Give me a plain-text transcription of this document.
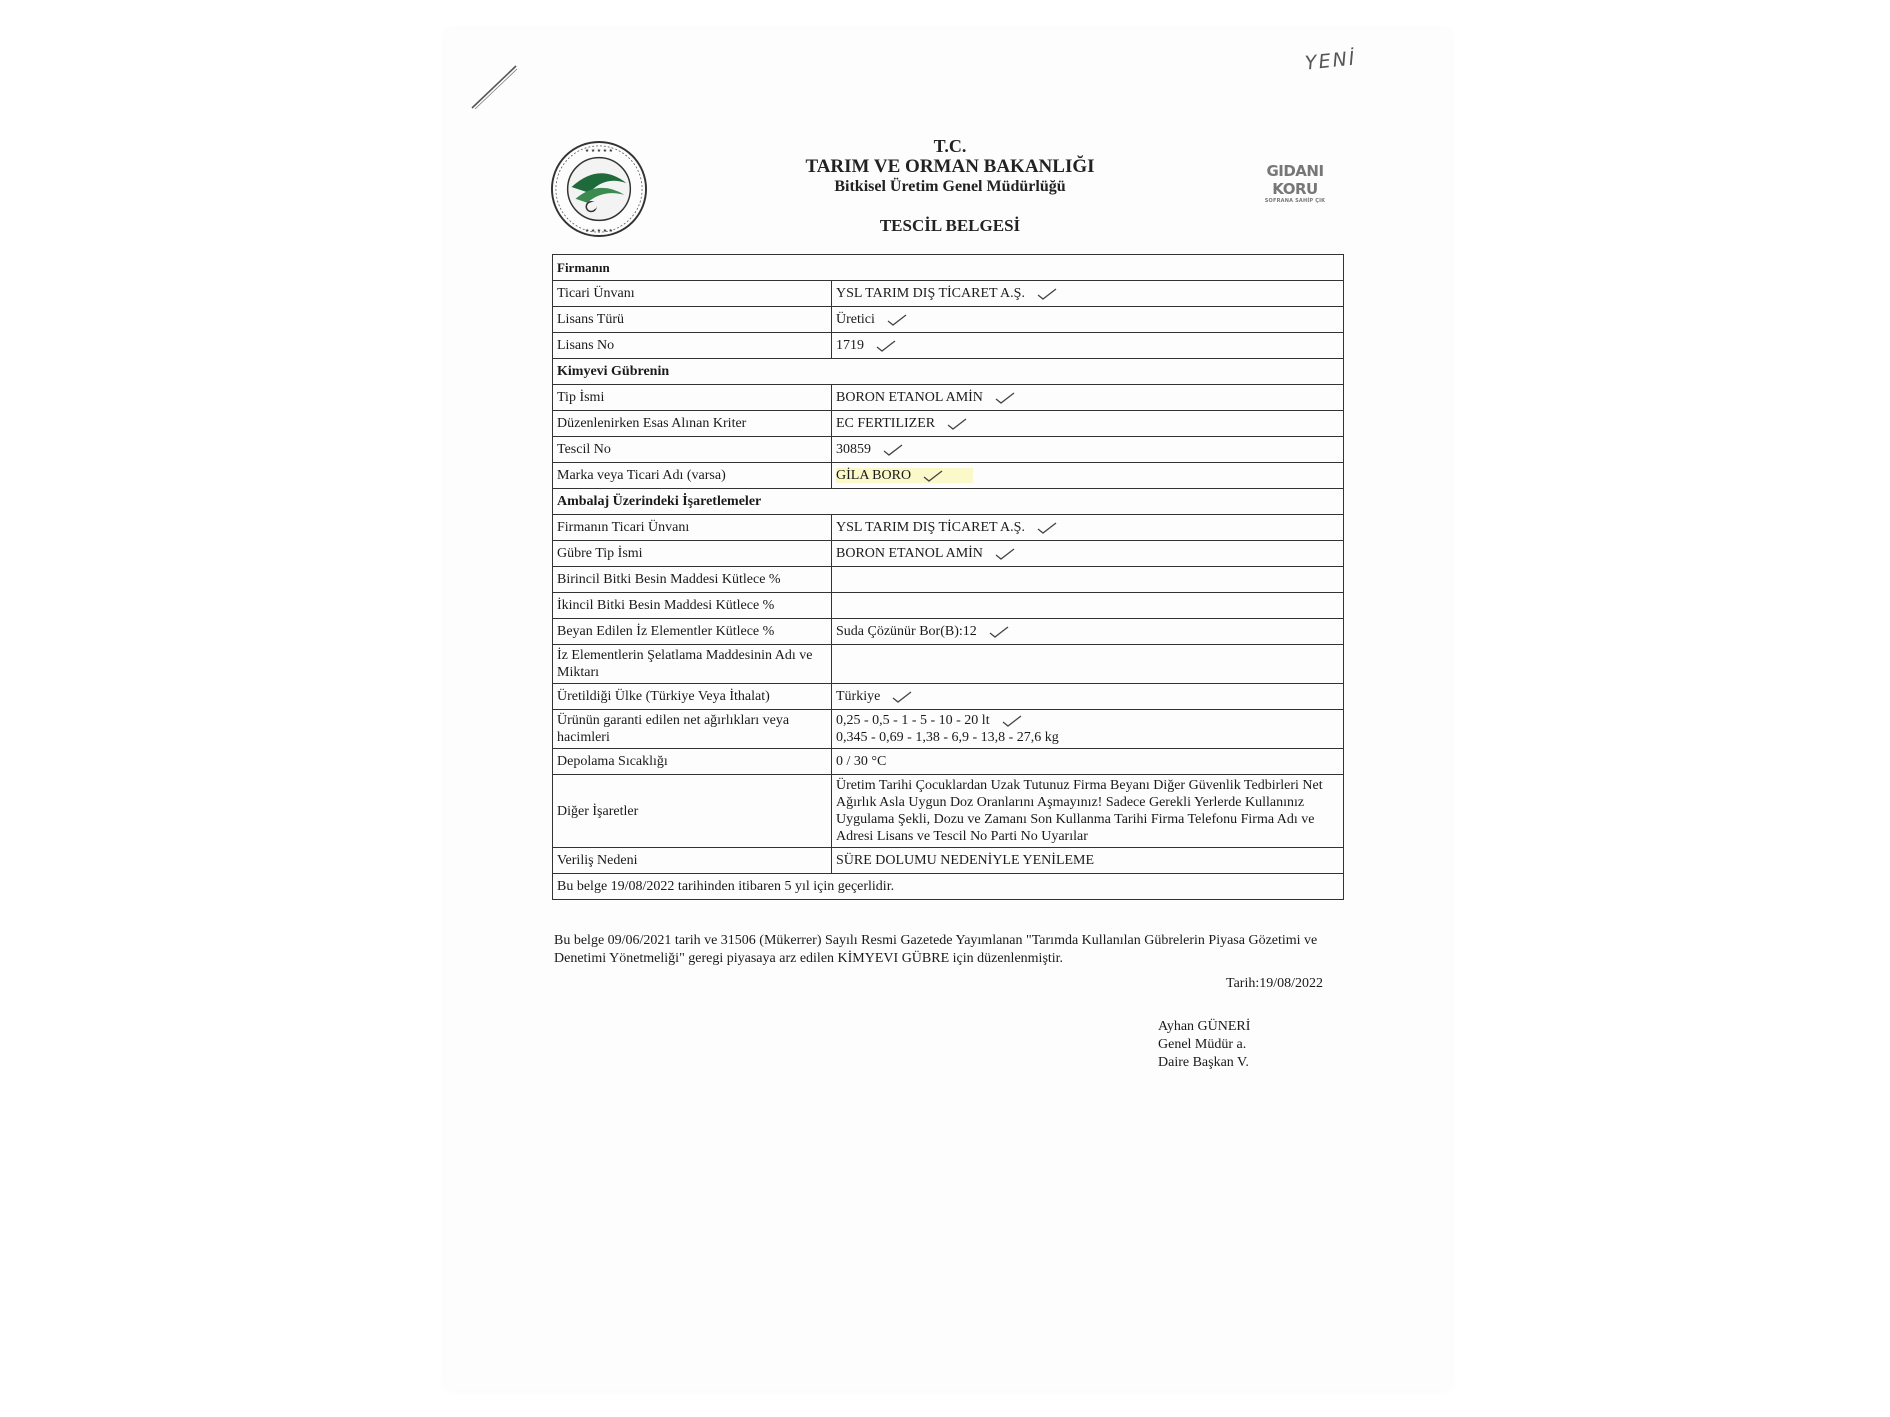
YENİ
★ ★ ★ ★ ★
★ ★ ★ ★ ★
GIDANI KORU
SOFRANA SAHİP ÇIK
T.C.
TARIM VE ORMAN BAKANLIĞI
Bitkisel Üretim Genel Müdürlüğü
TESCİL BELGESİ
Firmanın	
Ticari Ünvanı	YSL TARIM DIŞ TİCARET A.Ş.
Lisans Türü	Üretici
Lisans No	1719
Kimyevi Gübrenin	
Tip İsmi	BORON ETANOL AMİN
Düzenlenirken Esas Alınan Kriter	EC FERTILIZER
Tescil No	30859
Marka veya Ticari Adı (varsa)	GİLA BORO
Ambalaj Üzerindeki İşaretlemeler	
Firmanın Ticari Ünvanı	YSL TARIM DIŞ TİCARET A.Ş.
Gübre Tip İsmi	BORON ETANOL AMİN
Birincil Bitki Besin Maddesi Kütlece %	
İkincil Bitki Besin Maddesi Kütlece %	
Beyan Edilen İz Elementler Kütlece %	Suda Çözünür Bor(B):12
İz Elementlerin Şelatlama Maddesinin Adı ve Miktarı	
Üretildiği Ülke (Türkiye Veya İthalat)	Türkiye
Ürünün garanti edilen net ağırlıkları veya hacimleri	0,25 - 0,5 - 1 - 5 - 10 - 20 lt
0,345 - 0,69 - 1,38 - 6,9 - 13,8 - 27,6 kg

Depolama Sıcaklığı	0 / 30 °C
Diğer İşaretler	Üretim Tarihi Çocuklardan Uzak Tutunuz Firma Beyanı Diğer Güvenlik Tedbirleri Net Ağırlık Asla Uygun Doz Oranlarını Aşmayınız! Sadece Gerekli Yerlerde Kullanınız Uygulama Şekli, Dozu ve Zamanı Son Kullanma Tarihi Firma Telefonu Firma Adı ve Adresi Lisans ve Tescil No Parti No Uyarılar
Veriliş Nedeni	SÜRE DOLUMU NEDENİYLE YENİLEME
Bu belge 19/08/2022 tarihinden itibaren 5 yıl için geçerlidir.	
Bu belge 09/06/2021 tarih ve 31506 (Mükerrer) Sayılı Resmi Gazetede Yayımlanan "Tarımda Kullanılan Gübrelerin Piyasa Gözetimi ve Denetimi Yönetmeliği" geregi piyasaya arz edilen KİMYEVI GÜBRE için düzenlenmiştir.
Tarih:19/08/2022
Ayhan GÜNERİ
Genel Müdür a.
Daire Başkan V.
